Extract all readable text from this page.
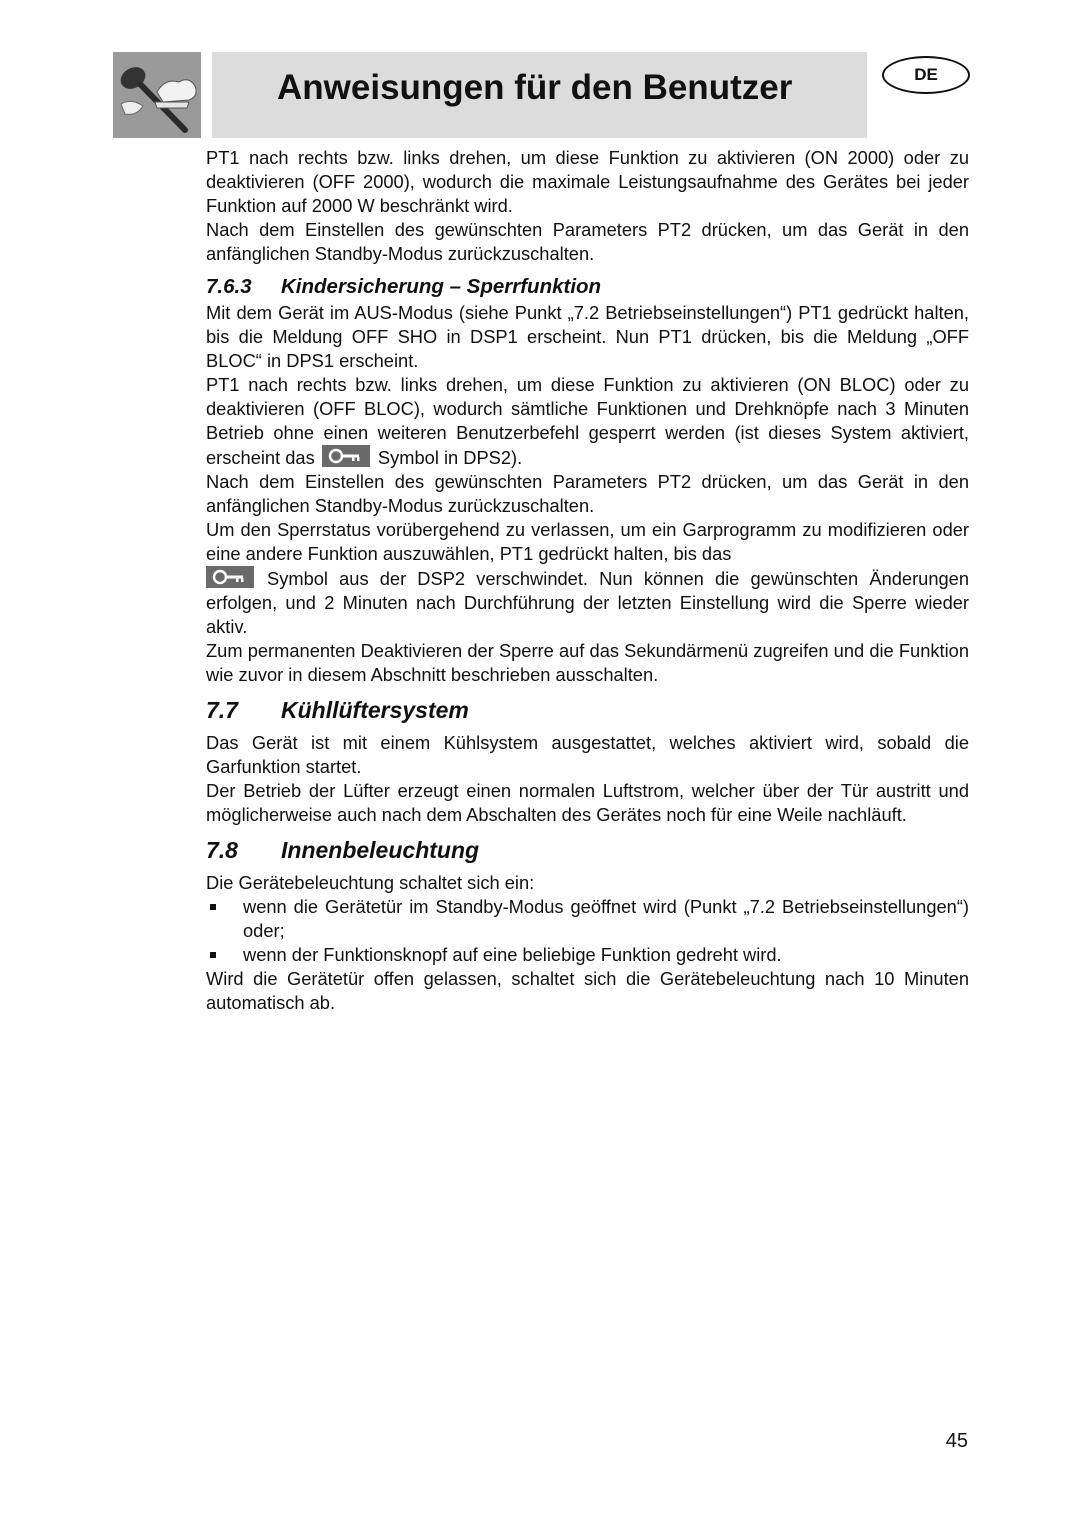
Anweisungen für den Benutzer	DE

PT1 nach rechts bzw. links drehen, um diese Funktion zu aktivieren (ON 2000) oder zu deaktivieren (OFF 2000), wodurch die maximale Leistungsaufnahme des Gerätes bei jeder Funktion auf 2000 W beschränkt wird.

Nach dem Einstellen des gewünschten Parameters PT2 drücken, um das Gerät in den anfänglichen Standby-Modus zurückzuschalten.

7.6.3 Kindersicherung – Sperrfunktion

Mit dem Gerät im AUS-Modus (siehe Punkt „7.2 Betriebseinstellungen“) PT1 gedrückt halten, bis die Meldung OFF SHO in DSP1 erscheint. Nun PT1 drücken, bis die Meldung „OFF BLOC“ in DPS1 erscheint.

PT1 nach rechts bzw. links drehen, um diese Funktion zu aktivieren (ON BLOC) oder zu deaktivieren (OFF BLOC), wodurch sämtliche Funktionen und Drehknöpfe nach 3 Minuten Betrieb ohne einen weiteren Benutzerbefehl gesperrt werden (ist dieses System aktiviert, erscheint das	Symbol in DPS2).

Nach dem Einstellen des gewünschten Parameters PT2 drücken, um das Gerät in den anfänglichen Standby-Modus zurückzuschalten.

Um den Sperrstatus vorübergehend zu verlassen, um ein Garprogramm zu modifizieren oder eine andere Funktion auszuwählen, PT1 gedrückt halten, bis das

Symbol aus der DSP2 verschwindet. Nun können die gewünschten Änderungen erfolgen, und 2 Minuten nach Durchführung der letzten Einstellung wird die Sperre wieder aktiv.

Zum permanenten Deaktivieren der Sperre auf das Sekundärmenü zugreifen und die Funktion wie zuvor in diesem Abschnitt beschrieben ausschalten.

7.7 Kühllüftersystem

Das Gerät ist mit einem Kühlsystem ausgestattet, welches aktiviert wird, sobald die Garfunktion startet.

Der Betrieb der Lüfter erzeugt einen normalen Luftstrom, welcher über der Tür austritt und möglicherweise auch nach dem Abschalten des Gerätes noch für eine Weile nachläuft.

7.8 Innenbeleuchtung

Die Gerätebeleuchtung schaltet sich ein:

wenn die Gerätetür im Standby-Modus geöffnet wird (Punkt „7.2 Betriebseinstellungen“) oder;
wenn der Funktionsknopf auf eine beliebige Funktion gedreht wird.

Wird die Gerätetür offen gelassen, schaltet sich die Gerätebeleuchtung nach 10 Minuten automatisch ab.

45
